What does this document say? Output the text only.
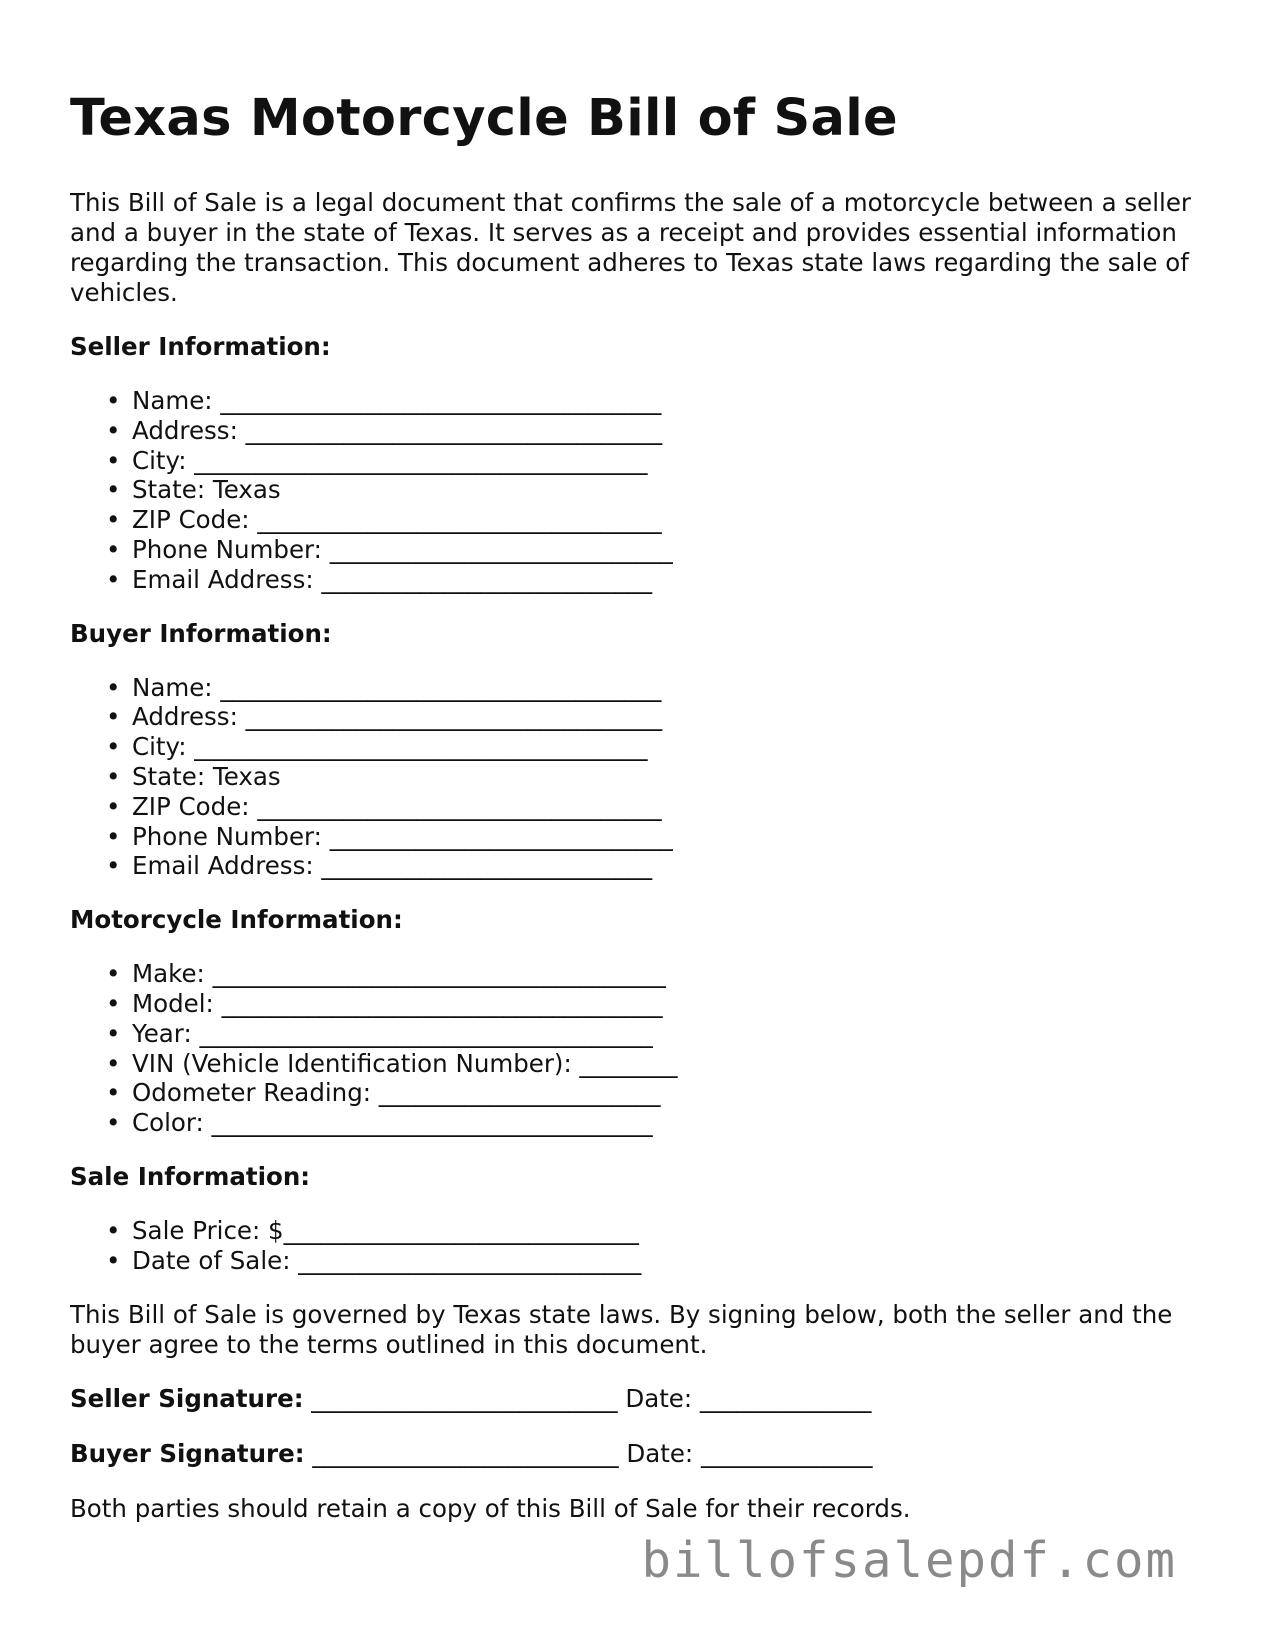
Texas Motorcycle Bill of Sale

This Bill of Sale is a legal document that confirms the sale of a motorcycle between a seller and a buyer in the state of Texas. It serves as a receipt and provides essential information regarding the transaction. This document adheres to Texas state laws regarding the sale of vehicles.

Seller Information:
• Name: ____________________________________
• Address: __________________________________
• City: _____________________________________
• State: Texas
• ZIP Code: _________________________________
• Phone Number: ____________________________
• Email Address: ___________________________
Buyer Information:
• Name: ____________________________________
• Address: __________________________________
• City: _____________________________________
• State: Texas
• ZIP Code: _________________________________
• Phone Number: ____________________________
• Email Address: ___________________________
Motorcycle Information:
• Make: _____________________________________
• Model: ____________________________________
• Year: _____________________________________
• VIN (Vehicle Identification Number): ________
• Odometer Reading: _______________________
• Color: ____________________________________
Sale Information:
• Sale Price: $_____________________________
• Date of Sale: ____________________________

This Bill of Sale is governed by Texas state laws. By signing below, both the seller and the buyer agree to the terms outlined in this document.

Seller Signature: _________________________ Date: ______________
Buyer Signature: _________________________ Date: ______________

Both parties should retain a copy of this Bill of Sale for their records.

billofsalepdf.com
